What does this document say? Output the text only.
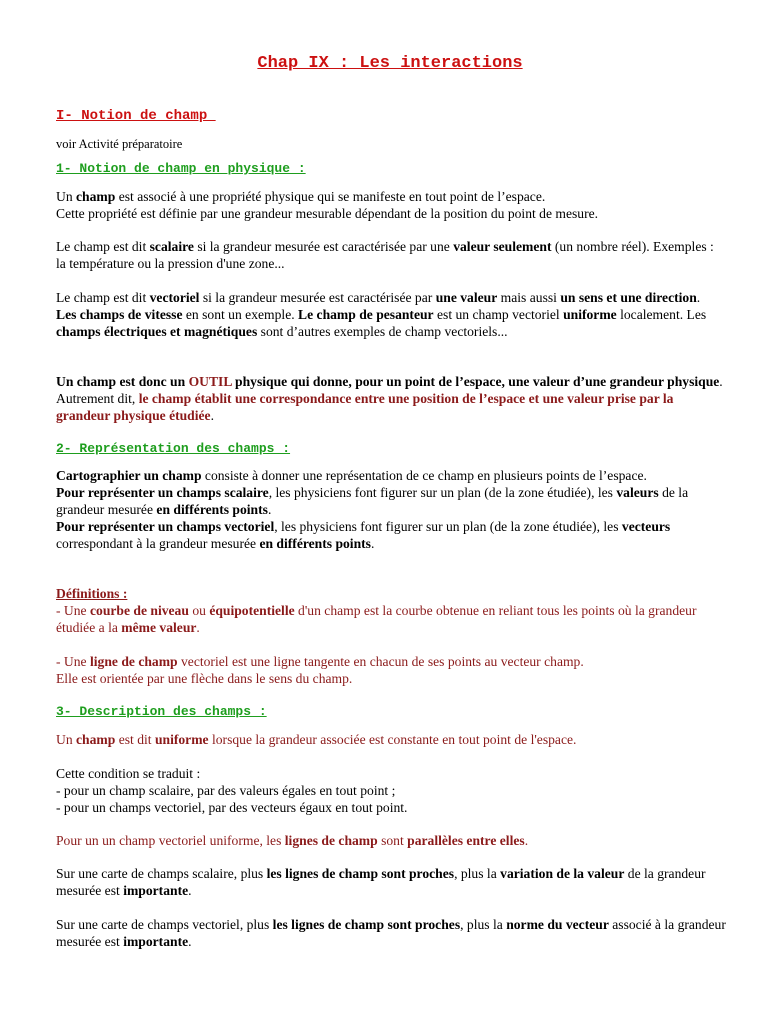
Chap IX : Les interactions
I- Notion de champ
voir Activité préparatoire
1- Notion de champ en physique :
Un champ est associé à une propriété physique qui se manifeste en tout point de l’espace.
Cette propriété est définie par une grandeur mesurable dépendant de la position du point de mesure.
Le champ est dit scalaire si la grandeur mesurée est caractérisée par une valeur seulement (un nombre réel). Exemples : la température ou la pression d'une zone...
Le champ est dit vectoriel si la grandeur mesurée est caractérisée par une valeur mais aussi un sens et une direction.
Les champs de vitesse en sont un exemple. Le champ de pesanteur est un champ vectoriel uniforme localement. Les champs électriques et magnétiques sont d’autres exemples de champ vectoriels...
Un champ est donc un OUTIL physique qui donne, pour un point de l’espace, une valeur d’une grandeur physique. Autrement dit, le champ établit une correspondance entre une position de l’espace et une valeur prise par la grandeur physique étudiée.
2- Représentation des champs :
Cartographier un champ consiste à donner une représentation de ce champ en plusieurs points de l’espace.
Pour représenter un champs scalaire, les physiciens font figurer sur un plan (de la zone étudiée), les valeurs de la grandeur mesurée en différents points.
Pour représenter un champs vectoriel, les physiciens font figurer sur un plan (de la zone étudiée), les vecteurs correspondant à la grandeur mesurée en différents points.
Définitions :
- Une courbe de niveau ou équipotentielle d'un champ est la courbe obtenue en reliant tous les points où la grandeur étudiée a la même valeur.
- Une ligne de champ vectoriel est une ligne tangente en chacun de ses points au vecteur champ.
Elle est orientée par une flèche dans le sens du champ.
3- Description des champs :
Un champ est dit uniforme lorsque la grandeur associée est constante en tout point de l'espace.
Cette condition se traduit :
- pour un champ scalaire, par des valeurs égales en tout point ;
- pour un champs vectoriel, par des vecteurs égaux en tout point.
Pour un un champ vectoriel uniforme, les lignes de champ sont parallèles entre elles.
Sur une carte de champs scalaire, plus les lignes de champ sont proches, plus la variation de la valeur de la grandeur mesurée est importante.
Sur une carte de champs vectoriel, plus les lignes de champ sont proches, plus la norme du vecteur associé à la grandeur mesurée est importante.
